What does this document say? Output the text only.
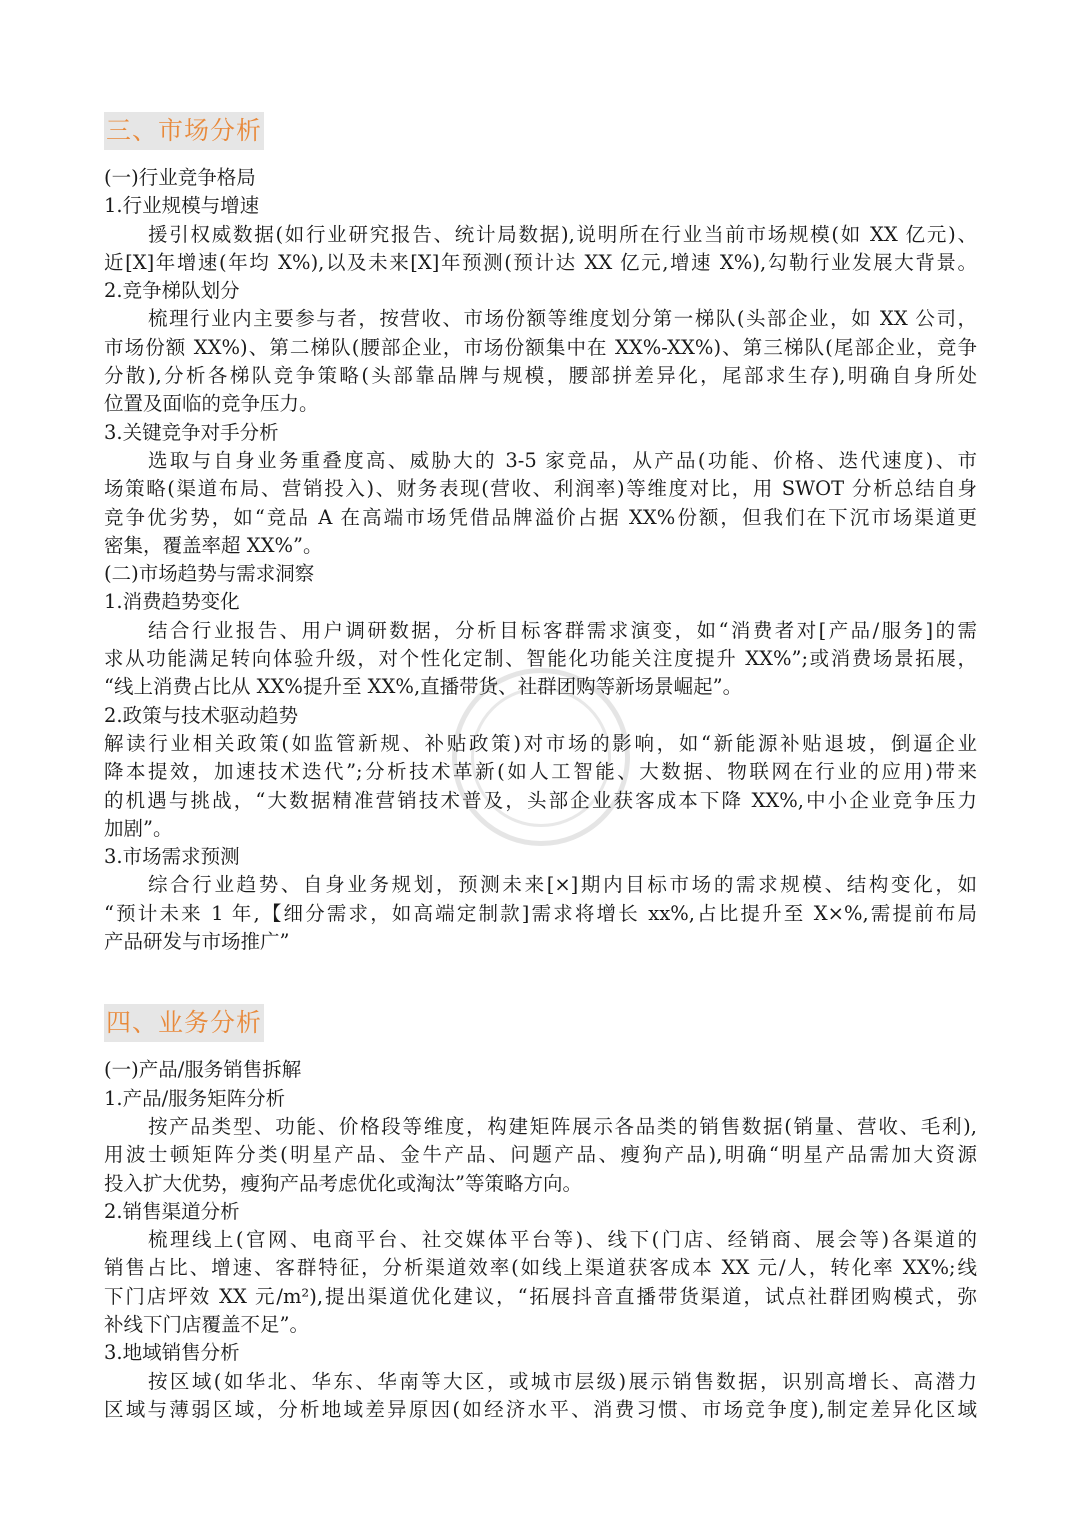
三、市场分析

(一)行业竞争格局
1.行业规模与增速
援引权威数据(如行业研究报告、统计局数据),说明所在行业当前市场规模(如 XX 亿元)、
近[X]年增速(年均 X%),以及未来[X]年预测(预计达 XX 亿元,增速 X%),勾勒行业发展大背景。
2.竞争梯队划分
梳理行业内主要参与者，按营收、市场份额等维度划分第一梯队(头部企业，如 XX 公司，
市场份额 XX%)、第二梯队(腰部企业，市场份额集中在 XX%-XX%)、第三梯队(尾部企业，竞争
分散),分析各梯队竞争策略(头部靠品牌与规模，腰部拼差异化，尾部求生存),明确自身所处
位置及面临的竞争压力。
3.关键竞争对手分析
选取与自身业务重叠度高、威胁大的 3-5 家竞品，从产品(功能、价格、迭代速度)、市
场策略(渠道布局、营销投入)、财务表现(营收、利润率)等维度对比，用 SWOT 分析总结自身
竞争优劣势，如“竞品 A 在高端市场凭借品牌溢价占据 XX%份额，但我们在下沉市场渠道更
密集，覆盖率超 XX%”。
(二)市场趋势与需求洞察
1.消费趋势变化
结合行业报告、用户调研数据，分析目标客群需求演变，如“消费者对[产品/服务]的需
求从功能满足转向体验升级，对个性化定制、智能化功能关注度提升 XX%”;或消费场景拓展，
“线上消费占比从 XX%提升至 XX%,直播带货、社群团购等新场景崛起”。
2.政策与技术驱动趋势
解读行业相关政策(如监管新规、补贴政策)对市场的影响，如“新能源补贴退坡，倒逼企业
降本提效，加速技术迭代”;分析技术革新(如人工智能、大数据、物联网在行业的应用)带来
的机遇与挑战，“大数据精准营销技术普及，头部企业获客成本下降 XX%,中小企业竞争压力
加剧”。
3.市场需求预测
综合行业趋势、自身业务规划，预测未来[×]期内目标市场的需求规模、结构变化，如
“预计未来 1 年,【细分需求，如高端定制款]需求将增长 xx%,占比提升至 X×%,需提前布局
产品研发与市场推广”
四、业务分析

(一)产品/服务销售拆解
1.产品/服务矩阵分析
按产品类型、功能、价格段等维度，构建矩阵展示各品类的销售数据(销量、营收、毛利),
用波士顿矩阵分类(明星产品、金牛产品、问题产品、瘦狗产品),明确“明星产品需加大资源
投入扩大优势，瘦狗产品考虑优化或淘汰”等策略方向。
2.销售渠道分析
梳理线上(官网、电商平台、社交媒体平台等)、线下(门店、经销商、展会等)各渠道的
销售占比、增速、客群特征，分析渠道效率(如线上渠道获客成本 XX 元/人，转化率 XX%;线
下门店坪效 XX 元/m²),提出渠道优化建议，“拓展抖音直播带货渠道，试点社群团购模式，弥
补线下门店覆盖不足”。
3.地域销售分析
按区域(如华北、华东、华南等大区，或城市层级)展示销售数据，识别高增长、高潜力
区域与薄弱区域，分析地域差异原因(如经济水平、消费习惯、市场竞争度),制定差异化区域
